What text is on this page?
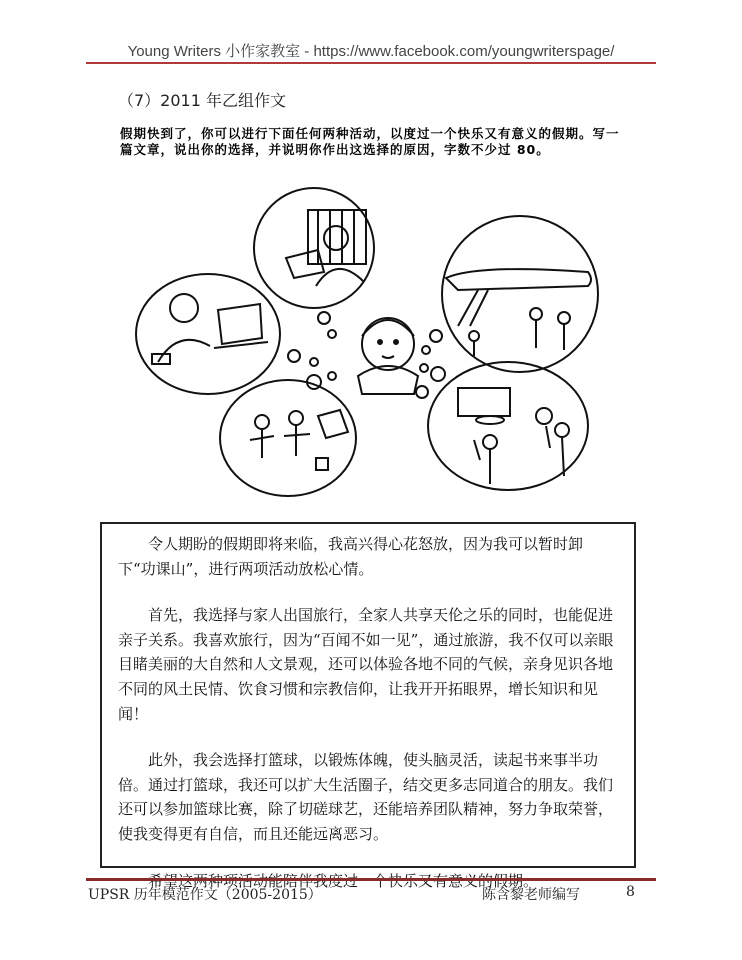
Young Writers 小作家教室 - https://www.facebook.com/youngwriterspage/
（7）2011 年乙组作文
假期快到了，你可以进行下面任何两种活动，以度过一个快乐又有意义的假期。写一篇文章，说出你的选择，并说明你作出这选择的原因，字数不少过 80。

令人期盼的假期即将来临，我高兴得心花怒放，因为我可以暂时卸下“功课山”，进行两项活动放松心情。

首先，我选择与家人出国旅行，全家人共享天伦之乐的同时，也能促进亲子关系。我喜欢旅行，因为“百闻不如一见”，通过旅游，我不仅可以亲眼目睹美丽的大自然和人文景观，还可以体验各地不同的气候，亲身见识各地不同的风土民情、饮食习惯和宗教信仰，让我开开拓眼界，增长知识和见闻！

此外，我会选择打篮球，以锻炼体魄，使头脑灵活，读起书来事半功倍。通过打篮球，我还可以扩大生活圈子，结交更多志同道合的朋友。我们还可以参加篮球比赛，除了切磋球艺，还能培养团队精神，努力争取荣誉，使我变得更有自信，而且还能远离恶习。

UPSR 历年模范作文（2005-2015）	陈含黎老师编写	8
